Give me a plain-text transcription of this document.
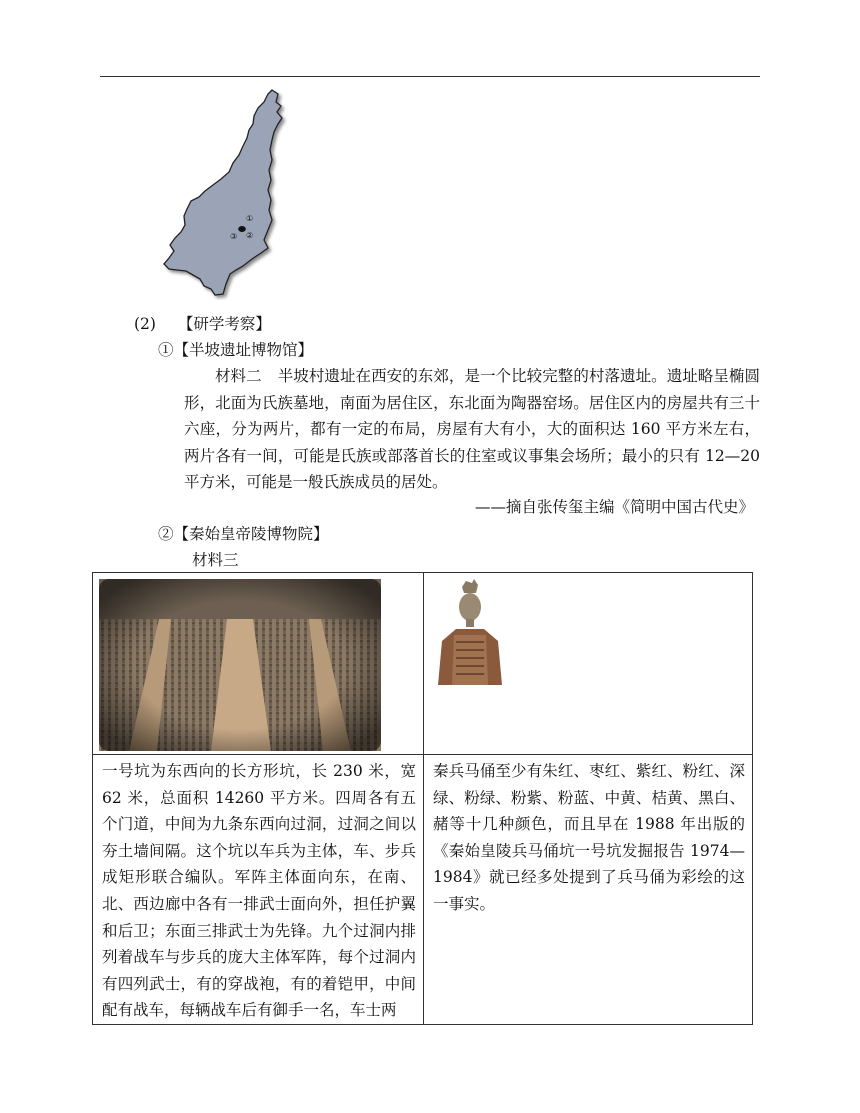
①
②
③
(2) 【研学考察】
①【半坡遗址博物馆】
材料二 半坡村遗址在西安的东郊，是一个比较完整的村落遗址。遗址略呈椭圆形，北面为氏族墓地，南面为居住区，东北面为陶器窑场。居住区内的房屋共有三十六座，分为两片，都有一定的布局，房屋有大有小，大的面积达 160 平方米左右，两片各有一间，可能是氏族或部落首长的住室或议事集会场所；最小的只有 12—20 平方米，可能是一般氏族成员的居处。
——摘自张传玺主编《简明中国古代史》
②【秦始皇帝陵博物院】
材料三

一号坑为东西向的长方形坑，长 230 米，宽 62 米，总面积 14260 平方米。四周各有五个门道，中间为九条东西向过洞，过洞之间以夯土墙间隔。这个坑以车兵为主体，车、步兵成矩形联合编队。军阵主体面向东，在南、北、西边廊中各有一排武士面向外，担任护翼和后卫；东面三排武士为先锋。九个过洞内排列着战车与步兵的庞大主体军阵，每个过洞内有四列武士，有的穿战袍，有的着铠甲，中间配有战车，每辆战车后有御手一名，车士两	秦兵马俑至少有朱红、枣红、紫红、粉红、深绿、粉绿、粉紫、粉蓝、中黄、桔黄、黑白、赭等十几种颜色，而且早在 1988 年出版的《秦始皇陵兵马俑坑一号坑发掘报告 1974—1984》就已经多处提到了兵马俑为彩绘的这一事实。
